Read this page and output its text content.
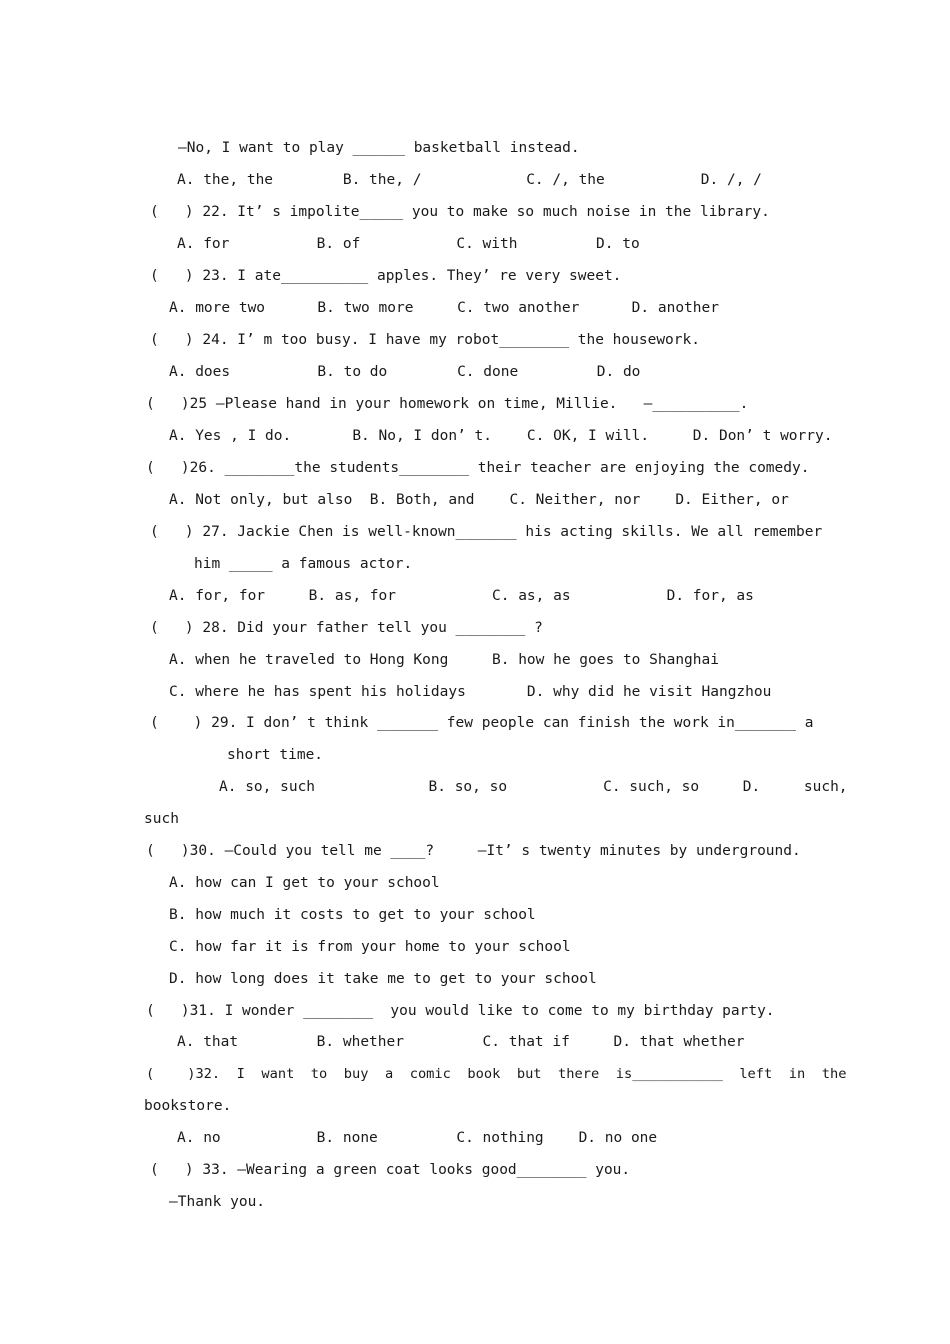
—No, I want to play ______ basketball instead.
A. the, the        B. the, /            C. /, the           D. /, /
(   ) 22. It’ s impolite_____ you to make so much noise in the library.
A. for          B. of           C. with         D. to
(   ) 23. I ate__________ apples. They’ re very sweet.
A. more two      B. two more     C. two another      D. another
(   ) 24. I’ m too busy. I have my robot________ the housework.
A. does          B. to do        C. done         D. do
(   )25 —Please hand in your homework on time, Millie.   —__________.
A. Yes , I do.       B. No, I don’ t.    C. OK, I will.     D. Don’ t worry.
(   )26. ________the students________ their teacher are enjoying the comedy.
A. Not only, but also  B. Both, and    C. Neither, nor    D. Either, or
(   ) 27. Jackie Chen is well-known_______ his acting skills. We all remember
him _____ a famous actor.
A. for, for     B. as, for           C. as, as           D. for, as
(   ) 28. Did your father tell you ________ ?
A. when he traveled to Hong Kong     B. how he goes to Shanghai
C. where he has spent his holidays       D. why did he visit Hangzhou
(    ) 29. I don’ t think _______ few people can finish the work in_______ a
short time.
A. so, such             B. so, so           C. such, so     D.     such,
such
(   )30. —Could you tell me ____?     —It’ s twenty minutes by underground.
A. how can I get to your school
B. how much it costs to get to your school
C. how far it is from your home to your school
D. how long does it take me to get to your school
(   )31. I wonder ________  you would like to come to my birthday party.
A. that         B. whether         C. that if     D. that whether
(    )32.  I  want  to  buy  a  comic  book  but  there  is___________  left  in  the
bookstore.
A. no           B. none         C. nothing    D. no one
(   ) 33. —Wearing a green coat looks good________ you.
—Thank you.
